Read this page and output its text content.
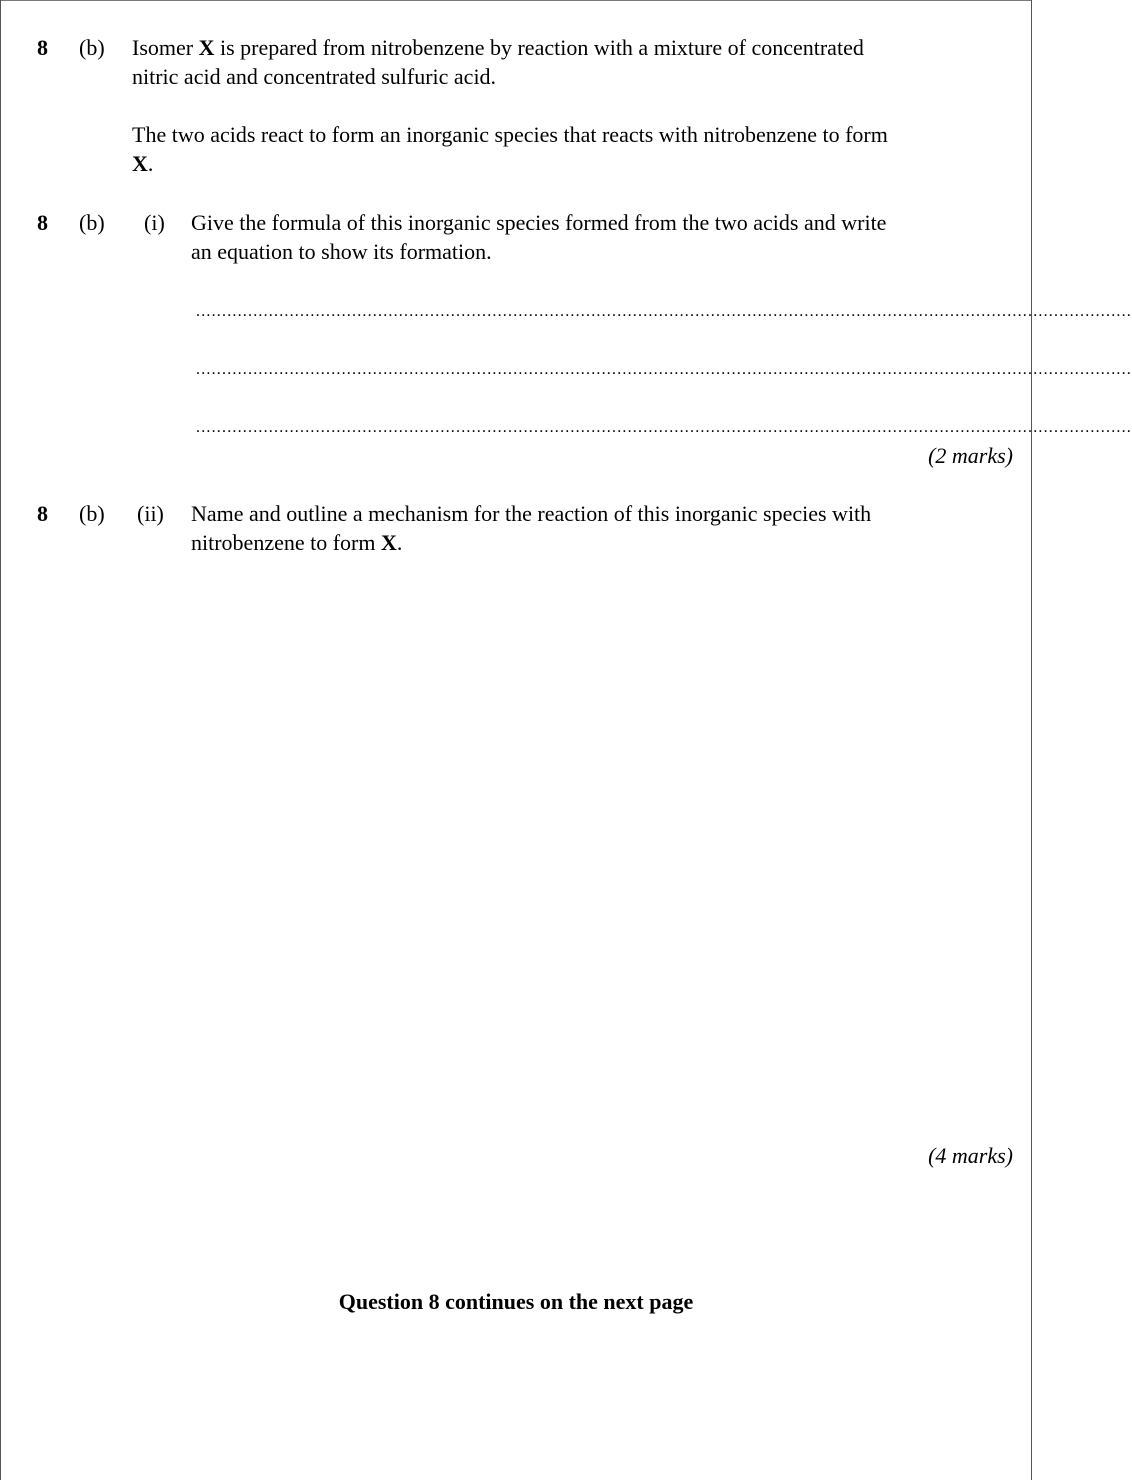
8 (b) Isomer X is prepared from nitrobenzene by reaction with a mixture of concentrated
nitric acid and concentrated sulfuric acid.
The two acids react to form an inorganic species that reacts with nitrobenzene to form
X.
8 (b) (i) Give the formula of this inorganic species formed from the two acids and write
an equation to show its formation.
....................................................................................................................................................................................
....................................................................................................................................................................................
....................................................................................................................................................................................
(2 marks)
8 (b) (ii) Name and outline a mechanism for the reaction of this inorganic species with
nitrobenzene to form X.
(4 marks)
Question 8 continues on the next page
